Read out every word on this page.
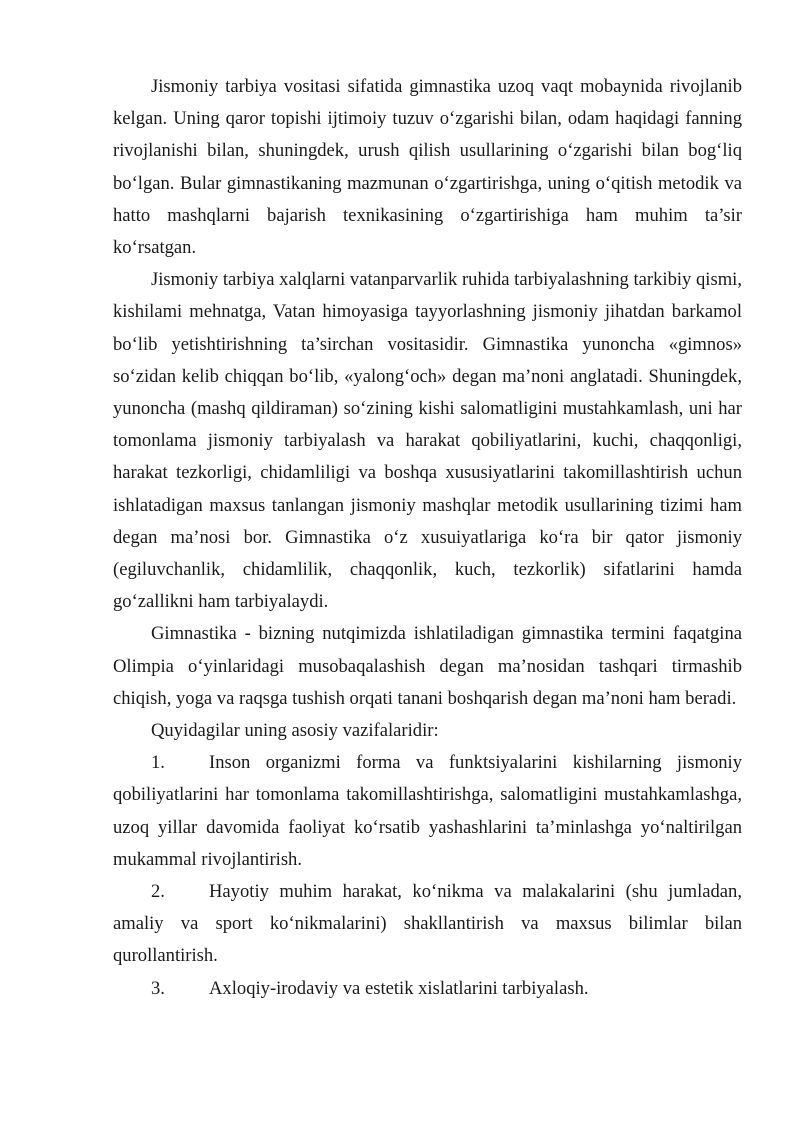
Jismoniy tarbiya vositasi sifatida gimnastika uzoq vaqt mobaynida rivojlanib kelgan. Uning qaror topishi ijtimoiy tuzuv o‘zgarishi bilan, odam haqidagi fanning rivojlanishi bilan, shuningdek, urush qilish usullarining o‘zgarishi bilan bog‘liq bo‘lgan. Bular gimnastikaning mazmunan o‘zgartirishga, uning o‘qitish metodik va hatto mashqlarni bajarish texnikasining o‘zgartirishiga ham muhim ta’sir ko‘rsatgan.

Jismoniy tarbiya xalqlarni vatanparvarlik ruhida tarbiyalashning tarkibiy qismi, kishilami mehnatga, Vatan himoyasiga tayyorlashning jismoniy jihatdan barkamol bo‘lib yetishtirishning ta’sirchan vositasidir. Gimnastika yunoncha «gimnos» so‘zidan kelib chiqqan bo‘lib, «yalong‘och» degan ma’noni anglatadi. Shuningdek, yunoncha (mashq qildiraman) so‘zining kishi salomatligini mustahkamlash, uni har tomonlama jismoniy tarbiyalash va harakat qobiliyatlarini, kuchi, chaqqonligi, harakat tezkorligi, chidamliligi va boshqa xususiyatlarini takomillashtirish uchun ishlatadigan maxsus tanlangan jismoniy mashqlar metodik usullarining tizimi ham degan ma’nosi bor. Gimnastika o‘z xusuiyatlariga ko‘ra bir qator jismoniy (egiluvchanlik, chidamlilik, chaqqonlik, kuch, tezkorlik) sifatlarini hamda go‘zallikni ham tarbiyalaydi.

Gimnastika - bizning nutqimizda ishlatiladigan gimnastika termini faqatgina Olimpia o‘yinlaridagi musobaqalashish degan ma’nosidan tashqari tirmashib chiqish, yoga va raqsga tushish orqati tanani boshqarish degan ma’noni ham beradi.

Quyidagilar uning asosiy vazifalaridir:

1. Inson organizmi forma va funktsiyalarini kishilarning jismoniy qobiliyatlarini har tomonlama takomillashtirishga, salomatligini mustahkamlashga, uzoq yillar davomida faoliyat ko‘rsatib yashashlarini ta’minlashga yo‘naltirilgan mukammal rivojlantirish.

2. Hayotiy muhim harakat, ko‘nikma va malakalarini (shu jumladan, amaliy va sport ko‘nikmalarini) shakllantirish va maxsus bilimlar bilan qurollantirish.

3. Axloqiy-irodaviy va estetik xislatlarini tarbiyalash.
